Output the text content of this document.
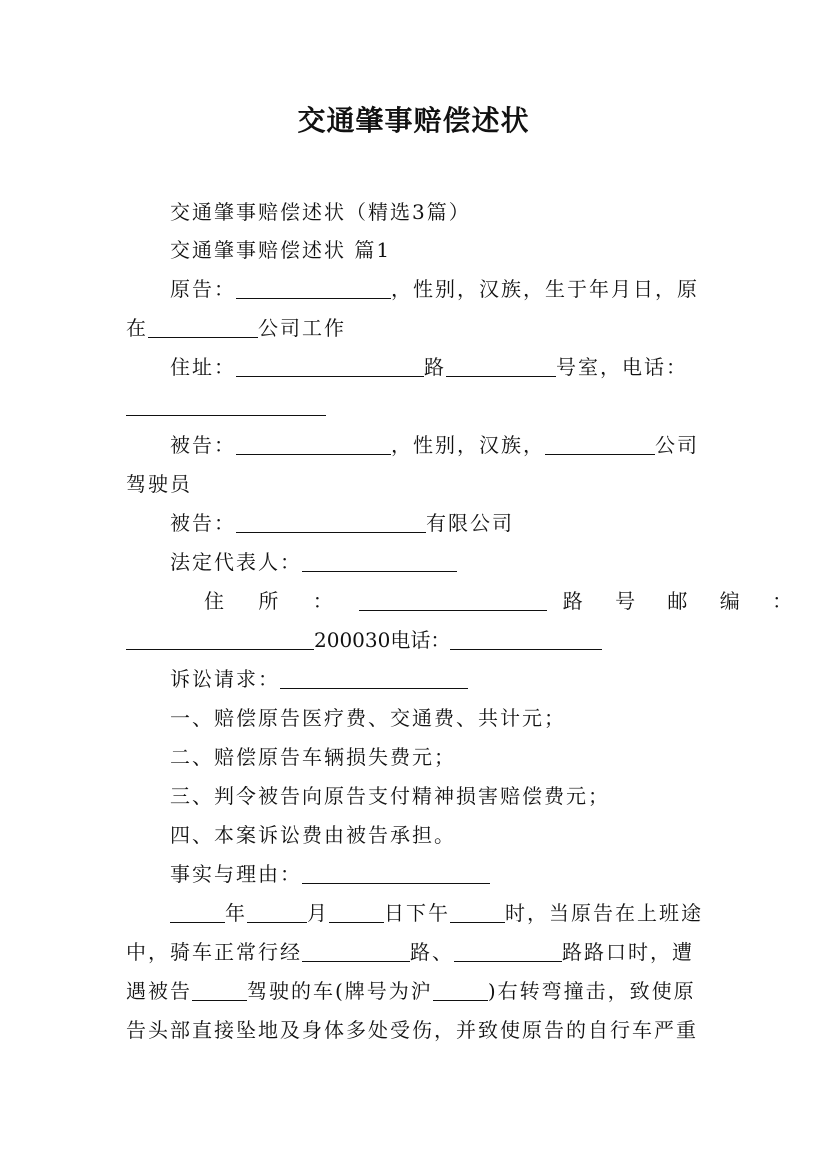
交通肇事赔偿述状
交通肇事赔偿述状（精选3篇）
交通肇事赔偿述状 篇1
原告：	，性别，汉族，生于年月日，原
在	公司工作
住址：	路	号室，电话：
被告：	，性别，汉族，	公司
驾驶员
被告：	有限公司
法定代表人：
住 所 ：	路 号 邮 编 ：
200030电话：
诉讼请求：
一、赔偿原告医疗费、交通费、共计元；
二、赔偿原告车辆损失费元；
三、判令被告向原告支付精神损害赔偿费元；
四、本案诉讼费由被告承担。
事实与理由：
年	月	日下午	时，当原告在上班途
中，骑车正常行经	路、	路路口时，遭
遇被告	驾驶的车(牌号为沪	)右转弯撞击，致使原
告头部直接坠地及身体多处受伤，并致使原告的自行车严重
